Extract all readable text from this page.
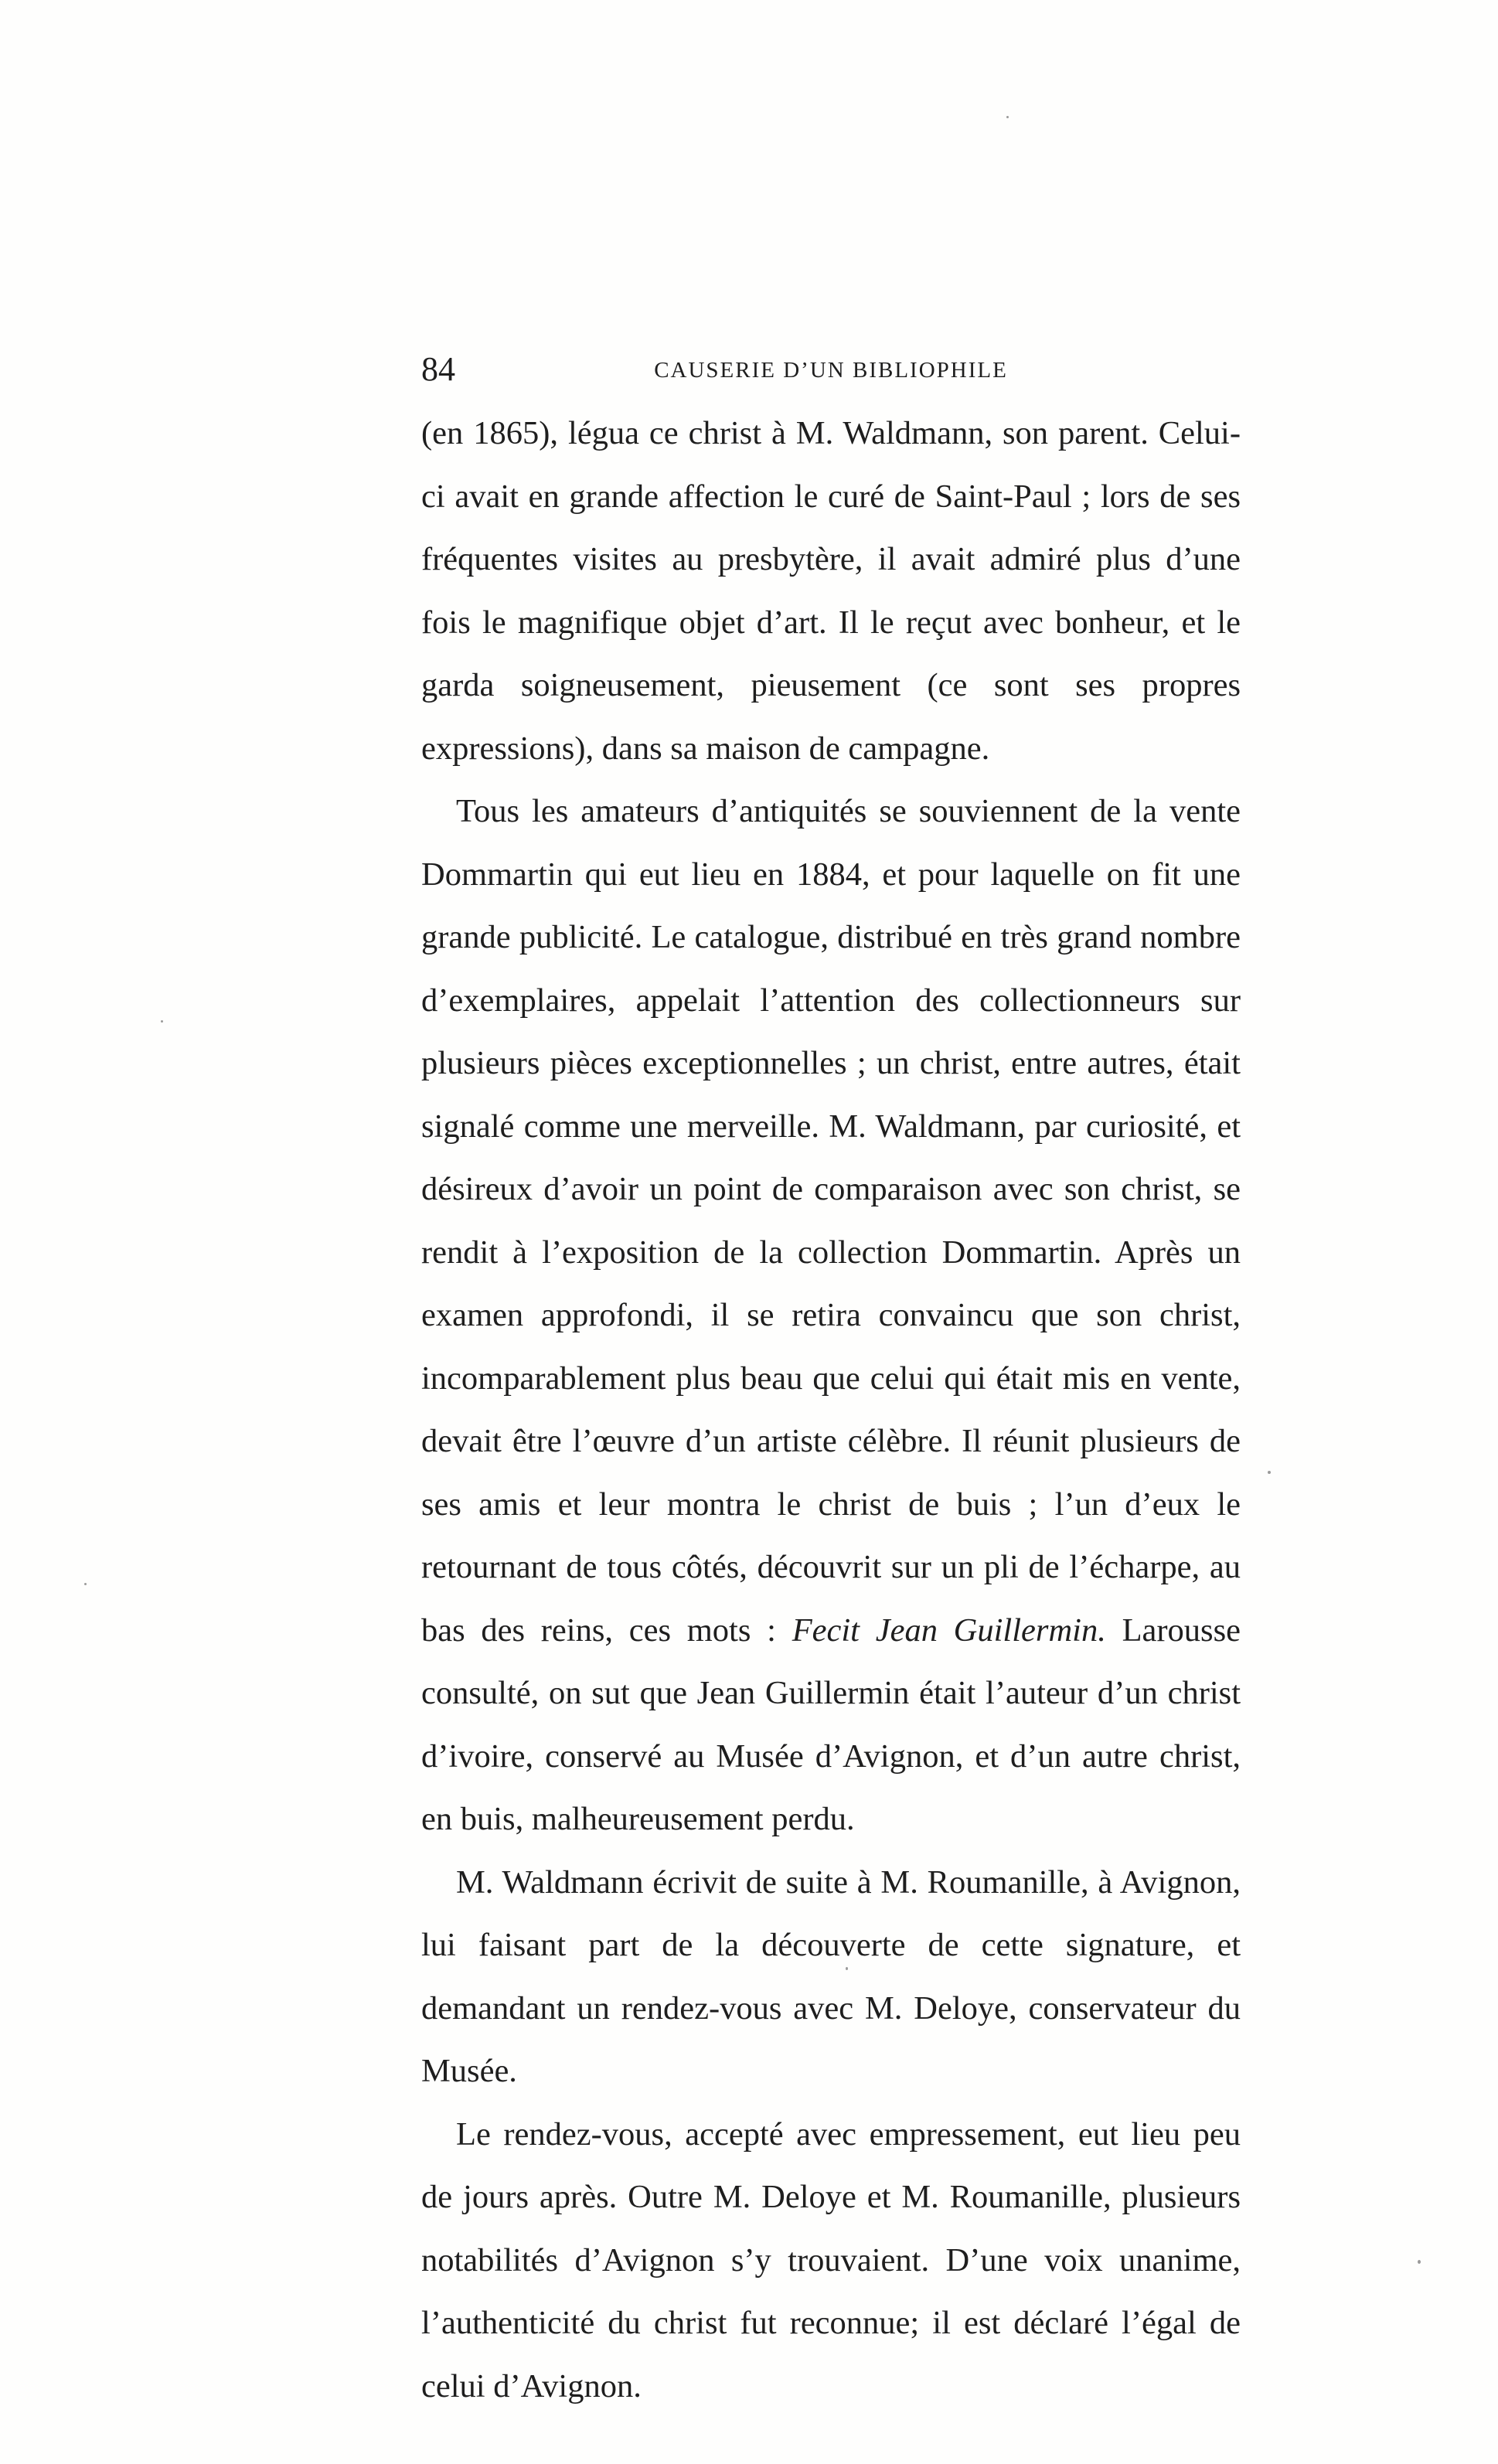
84	CAUSERIE D’UN BIBLIOPHILE

(en 1865), légua ce christ à M. Waldmann, son parent. Celui-ci avait en grande affection le curé de Saint-Paul ; lors de ses fréquentes visites au presbytère, il avait admiré plus d’une fois le magnifique objet d’art. Il le reçut avec bonheur, et le garda soigneusement, pieusement (ce sont ses propres expressions), dans sa maison de campagne.

Tous les amateurs d’antiquités se souviennent de la vente Dommartin qui eut lieu en 1884, et pour laquelle on fit une grande publicité. Le catalogue, distribué en très grand nombre d’exemplaires, appelait l’attention des collectionneurs sur plusieurs pièces exceptionnelles ; un christ, entre autres, était signalé comme une merveille. M. Waldmann, par curiosité, et désireux d’avoir un point de comparaison avec son christ, se rendit à l’exposition de la collection Dommartin. Après un examen approfondi, il se retira convaincu que son christ, incomparablement plus beau que celui qui était mis en vente, devait être l’œuvre d’un artiste célèbre. Il réunit plusieurs de ses amis et leur montra le christ de buis ; l’un d’eux le retournant de tous côtés, découvrit sur un pli de l’écharpe, au bas des reins, ces mots : Fecit Jean Guillermin. Larousse consulté, on sut que Jean Guillermin était l’auteur d’un christ d’ivoire, conservé au Musée d’Avignon, et d’un autre christ, en buis, malheureusement perdu.

M. Waldmann écrivit de suite à M. Roumanille, à Avignon, lui faisant part de la découverte de cette signature, et demandant un rendez-vous avec M. Deloye, conservateur du Musée.

Le rendez-vous, accepté avec empressement, eut lieu peu de jours après. Outre M. Deloye et M. Roumanille, plusieurs notabilités d’Avignon s’y trouvaient. D’une voix unanime, l’authenticité du christ fut reconnue; il est déclaré l’égal de celui d’Avignon.
